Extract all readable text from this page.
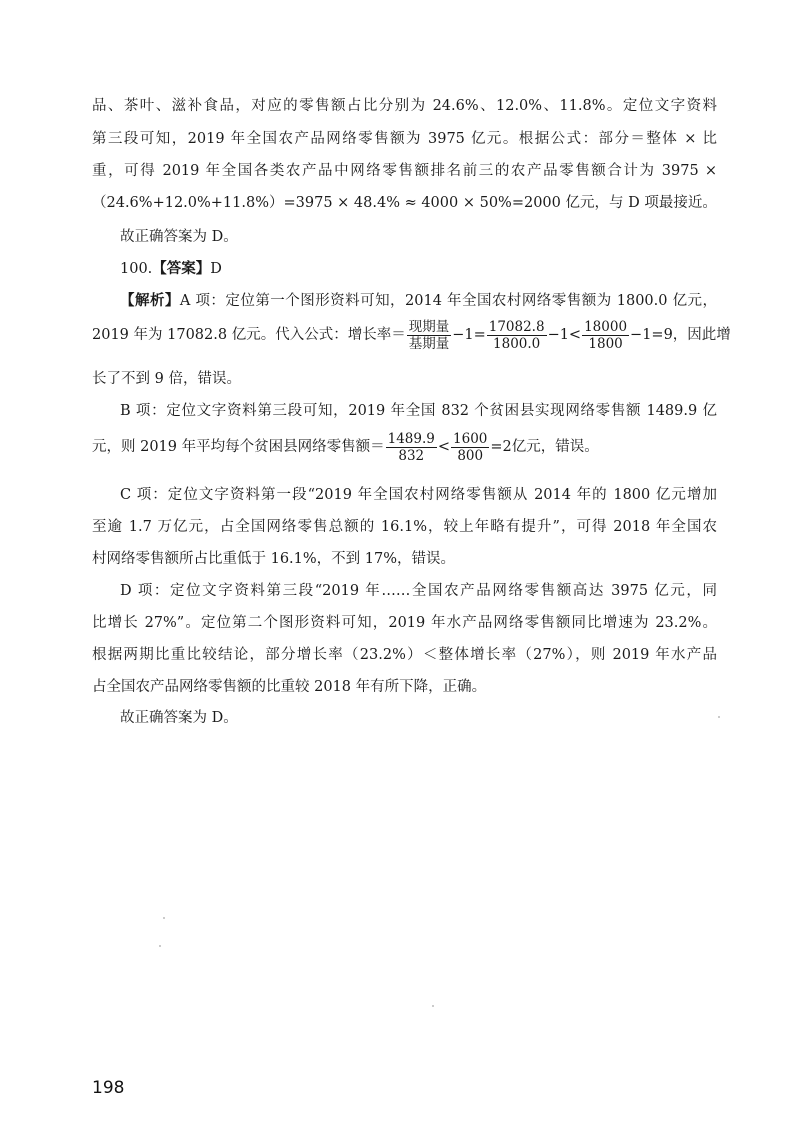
品、茶叶、滋补食品，对应的零售额占比分别为 24.6%、12.0%、11.8%。定位文字资料
第三段可知，2019 年全国农产品网络零售额为 3975 亿元。根据公式：部分＝整体 × 比
重，可得 2019 年全国各类农产品中网络零售额排名前三的农产品零售额合计为 3975 ×
（24.6%+12.0%+11.8%）=3975 × 48.4% ≈ 4000 × 50%=2000 亿元，与 D 项最接近。
故正确答案为 D。
100.【答案】D
【解析】A 项：定位第一个图形资料可知，2014 年全国农村网络零售额为 1800.0 亿元，
2019 年为 17082.8 亿元。代入公式：增长率＝ $\frac{\text{现期量}}{\text{基期量}} -1= \frac{17082.8}{1800.0} -1< \frac{18000}{1800} -1=9$，因此增
长了不到 9 倍，错误。
B 项：定位文字资料第三段可知，2019 年全国 832 个贫困县实现网络零售额 1489.9 亿
元，则 2019 年平均每个贫困县网络零售额＝ $\frac{1489.9}{832} < \frac{1600}{800} =2$亿元，错误。
C 项：定位文字资料第一段“2019 年全国农村网络零售额从 2014 年的 1800 亿元增加
至逾 1.7 万亿元，占全国网络零售总额的 16.1%，较上年略有提升”，可得 2018 年全国农
村网络零售额所占比重低于 16.1%，不到 17%，错误。
D 项：定位文字资料第三段“2019 年……全国农产品网络零售额高达 3975 亿元，同
比增长 27%”。定位第二个图形资料可知，2019 年水产品网络零售额同比增速为 23.2%。
根据两期比重比较结论，部分增长率（23.2%）＜整体增长率（27%），则 2019 年水产品
占全国农产品网络零售额的比重较 2018 年有所下降，正确。
故正确答案为 D。
198
